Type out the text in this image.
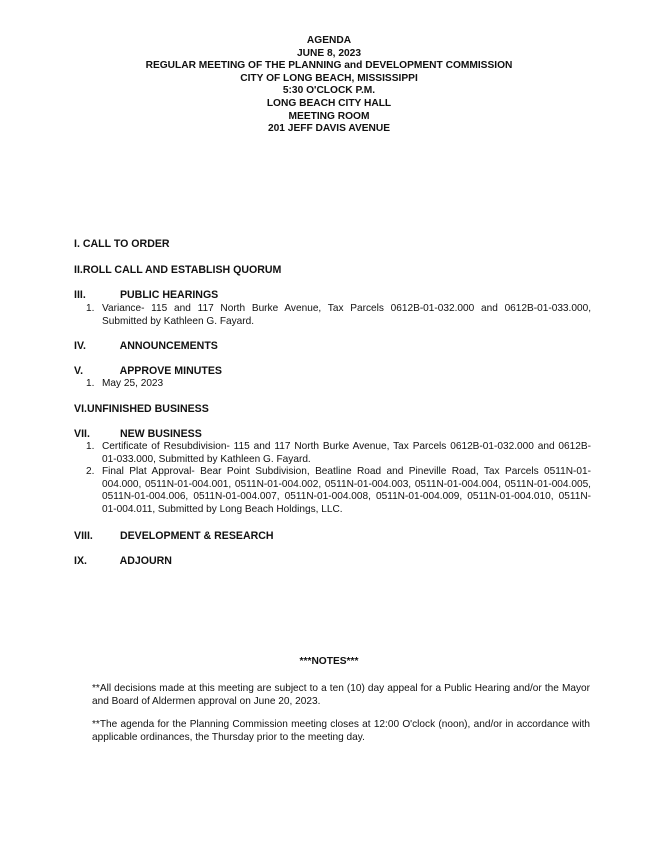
AGENDA
JUNE 8, 2023
REGULAR MEETING OF THE PLANNING and DEVELOPMENT COMMISSION
CITY OF LONG BEACH, MISSISSIPPI
5:30 O'CLOCK P.M.
LONG BEACH CITY HALL
MEETING ROOM
201 JEFF DAVIS AVENUE
I. CALL TO ORDER
II.ROLL CALL AND ESTABLISH QUORUM
III.	PUBLIC HEARINGS
1. Variance- 115 and 117 North Burke Avenue, Tax Parcels 0612B-01-032.000 and 0612B-01-033.000, Submitted by Kathleen G. Fayard.
IV.	ANNOUNCEMENTS
V.	APPROVE MINUTES
1. May 25, 2023
VI.UNFINISHED BUSINESS
VII.	NEW BUSINESS
1. Certificate of Resubdivision- 115 and 117 North Burke Avenue, Tax Parcels 0612B-01-032.000 and 0612B-01-033.000, Submitted by Kathleen G. Fayard.
2. Final Plat Approval- Bear Point Subdivision, Beatline Road and Pineville Road, Tax Parcels 0511N-01-004.000, 0511N-01-004.001, 0511N-01-004.002, 0511N-01-004.003, 0511N-01-004.004, 0511N-01-004.005, 0511N-01-004.006, 0511N-01-004.007, 0511N-01-004.008, 0511N-01-004.009, 0511N-01-004.010, 0511N-01-004.011, Submitted by Long Beach Holdings, LLC.
VIII.	DEVELOPMENT & RESEARCH
IX.	ADJOURN
***NOTES***
**All decisions made at this meeting are subject to a ten (10) day appeal for a Public Hearing and/or the Mayor and Board of Aldermen approval on June 20, 2023.
**The agenda for the Planning Commission meeting closes at 12:00 O'clock (noon), and/or in accordance with applicable ordinances, the Thursday prior to the meeting day.
